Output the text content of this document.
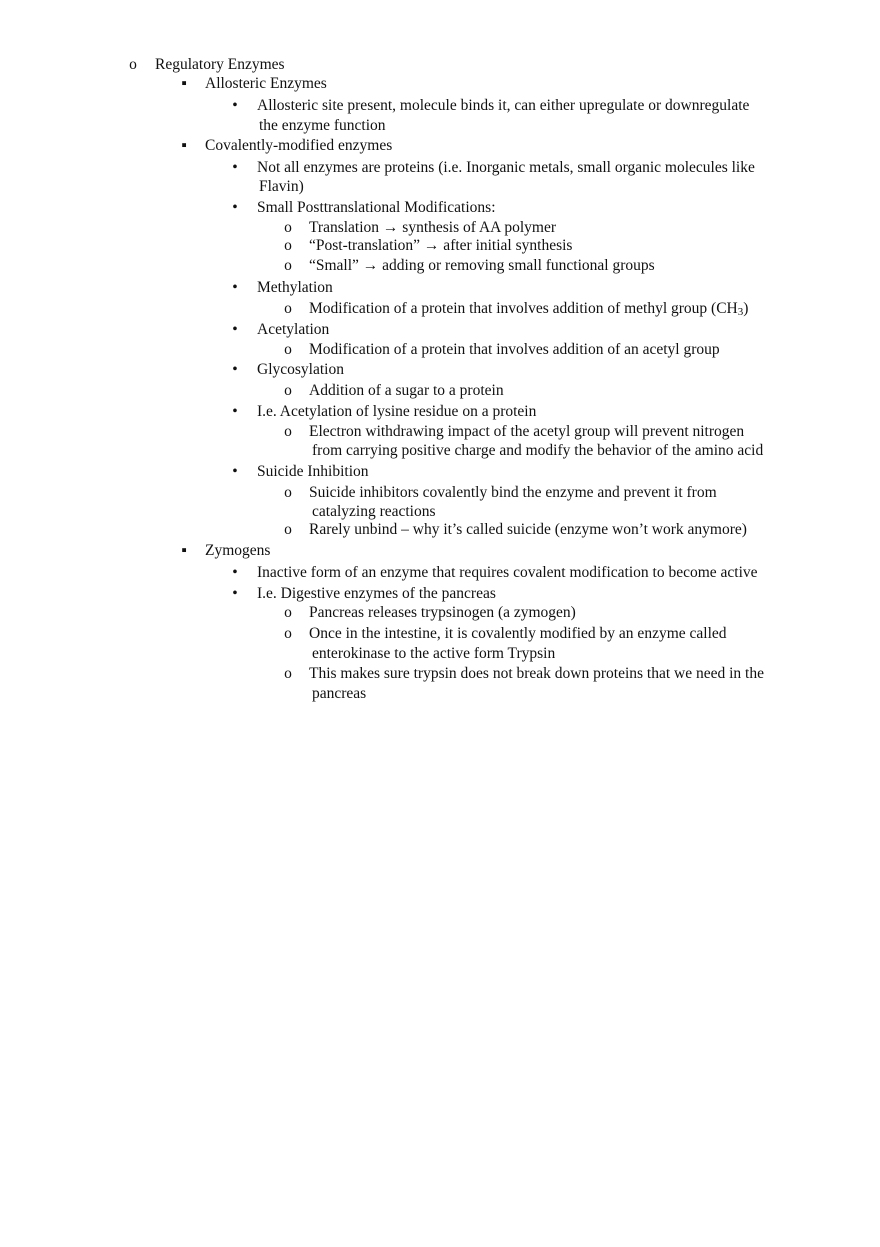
o	Regulatory Enzymes
▪	Allosteric Enzymes
•	Allosteric site present, molecule binds it, can either upregulate or downregulate
the enzyme function
▪	Covalently-modified enzymes
•	Not all enzymes are proteins (i.e. Inorganic metals, small organic molecules like
Flavin)
•	Small Posttranslational Modifications:
o	Translation → synthesis of AA polymer
o	“Post-translation” → after initial synthesis
o	“Small” → adding or removing small functional groups
•	Methylation
o	Modification of a protein that involves addition of methyl group $(CH_3)$
•	Acetylation
o	Modification of a protein that involves addition of an acetyl group
•	Glycosylation
o	Addition of a sugar to a protein
•	I.e. Acetylation of lysine residue on a protein
o	Electron withdrawing impact of the acetyl group will prevent nitrogen
from carrying positive charge and modify the behavior of the amino acid
•	Suicide Inhibition
o	Suicide inhibitors covalently bind the enzyme and prevent it from
catalyzing reactions
o	Rarely unbind – why it’s called suicide (enzyme won’t work anymore)
▪	Zymogens
•	Inactive form of an enzyme that requires covalent modification to become active
•	I.e. Digestive enzymes of the pancreas
o	Pancreas releases trypsinogen (a zymogen)
o	Once in the intestine, it is covalently modified by an enzyme called
enterokinase to the active form Trypsin
o	This makes sure trypsin does not break down proteins that we need in the
pancreas
